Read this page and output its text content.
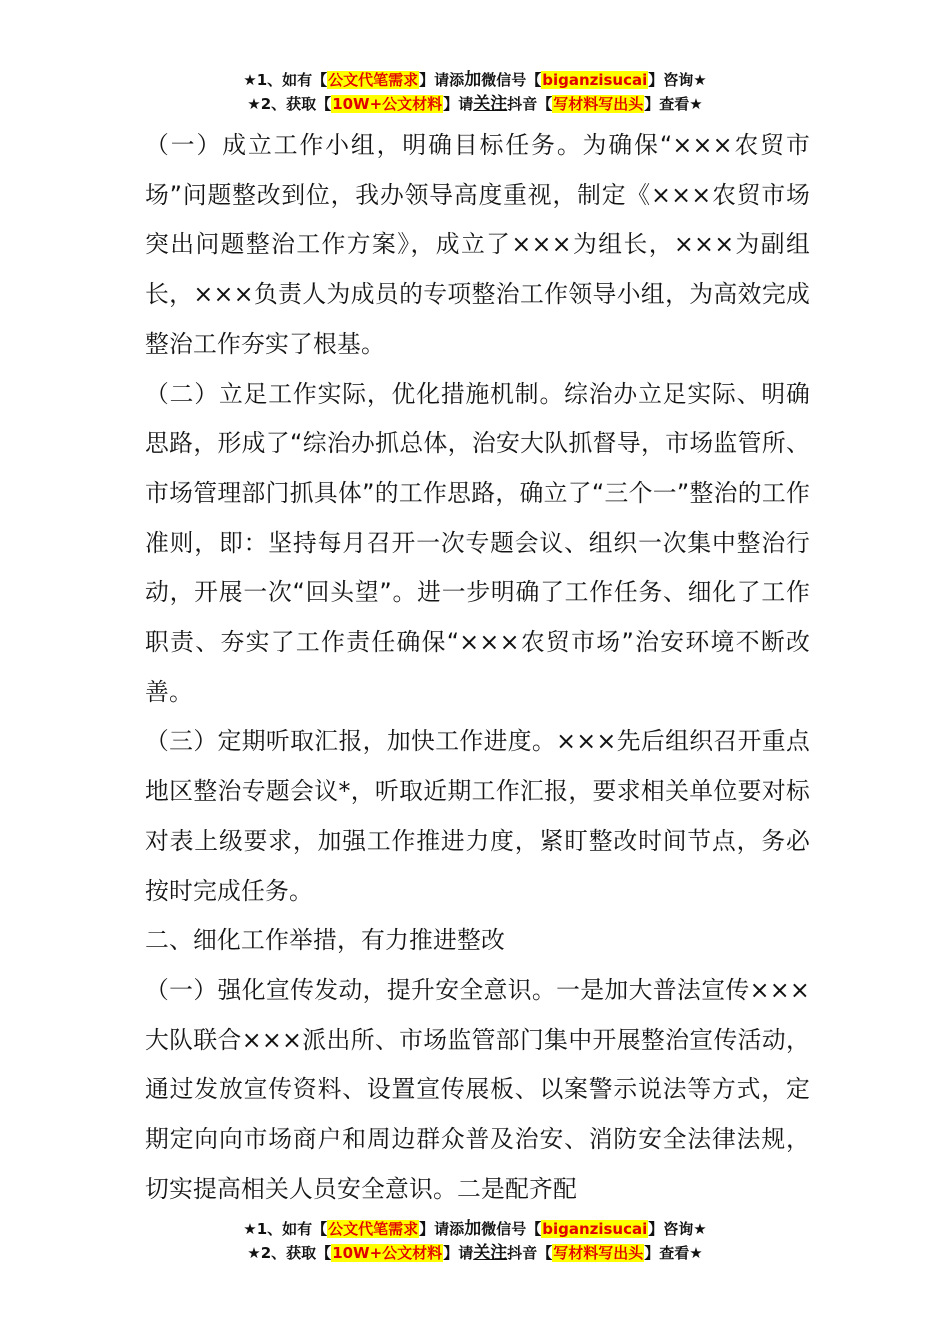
★1、如有【公文代笔需求】请添加微信号【biganzisucai】咨询★
★2、获取【10W+公文材料】请关注抖音【写材料写出头】查看★

（一）成立工作小组，明确目标任务。为确保“×××农贸市场”问题整改到位，我办领导高度重视，制定《×××农贸市场突出问题整治工作方案》，成立了×××为组长，×××为副组长，×××负责人为成员的专项整治工作领导小组，为高效完成整治工作夯实了根基。

（二）立足工作实际，优化措施机制。综治办立足实际、明确思路，形成了“综治办抓总体，治安大队抓督导，市场监管所、市场管理部门抓具体”的工作思路，确立了“三个一”整治的工作准则，即：坚持每月召开一次专题会议、组织一次集中整治行动，开展一次“回头望”。进一步明确了工作任务、细化了工作职责、夯实了工作责任确保“×××农贸市场”治安环境不断改善。

（三）定期听取汇报，加快工作进度。×××先后组织召开重点地区整治专题会议*，听取近期工作汇报，要求相关单位要对标对表上级要求，加强工作推进力度，紧盯整改时间节点，务必按时完成任务。

二、细化工作举措，有力推进整改

（一）强化宣传发动，提升安全意识。一是加大普法宣传×××大队联合×××派出所、市场监管部门集中开展整治宣传活动，通过发放宣传资料、设置宣传展板、以案警示说法等方式，定期定向向市场商户和周边群众普及治安、消防安全法律法规，切实提高相关人员安全意识。二是配齐配

★1、如有【公文代笔需求】请添加微信号【biganzisucai】咨询★
★2、获取【10W+公文材料】请关注抖音【写材料写出头】查看★
